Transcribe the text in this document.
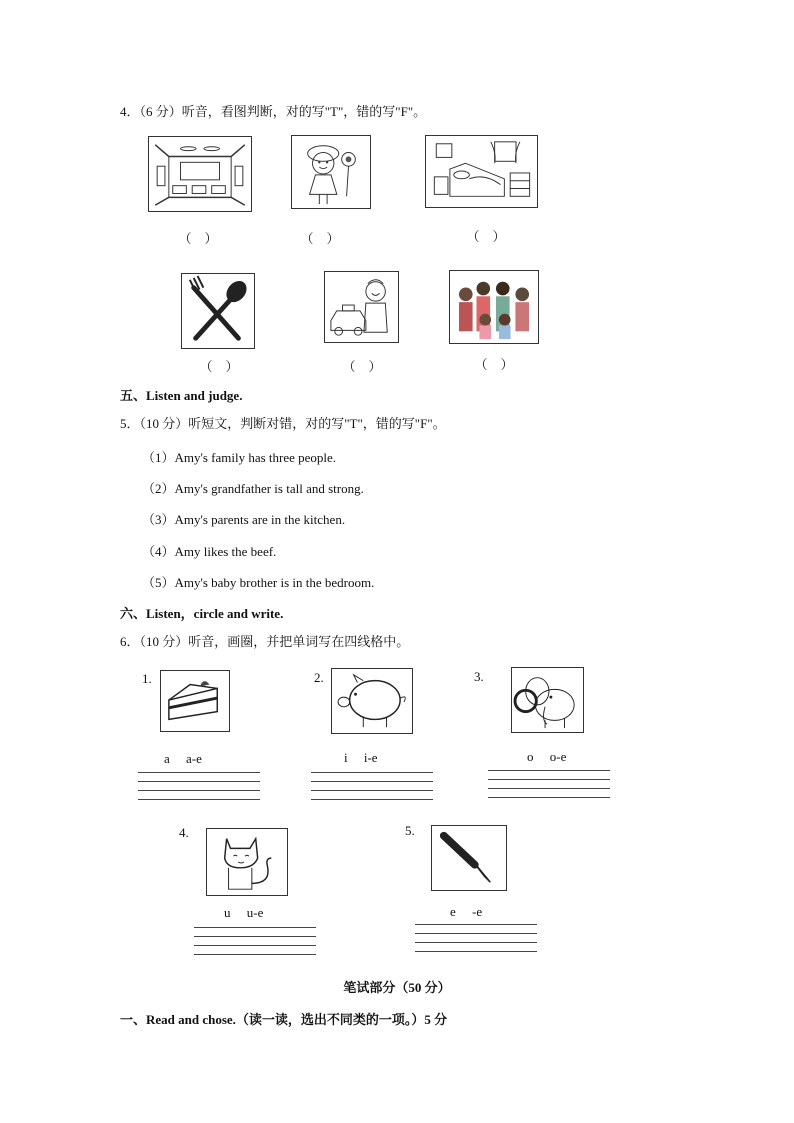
4．（6 分）听音，看图判断，对的写"T"，错的写"F"。
（　）	（　）	（　）
（　）	（　）	（　）
五、Listen and judge.
5．（10 分）听短文，判断对错，对的写"T"，错的写"F"。
（1）Amy's family has three people.
（2）Amy's grandfather is tall and strong.
（3）Amy's parents are in the kitchen.
（4）Amy likes the beef.
（5）Amy's baby brother is in the bedroom.
六、Listen，circle and write.
6．（10 分）听音，画圈，并把单词写在四线格中。
1.
a　 a-e
2.
i　 i-e
3.
o　 o-e
4.
u　 u-e
5.
e　 -e
笔试部分（50 分）
一、Read and chose.（读一读，选出不同类的一项。）5 分
